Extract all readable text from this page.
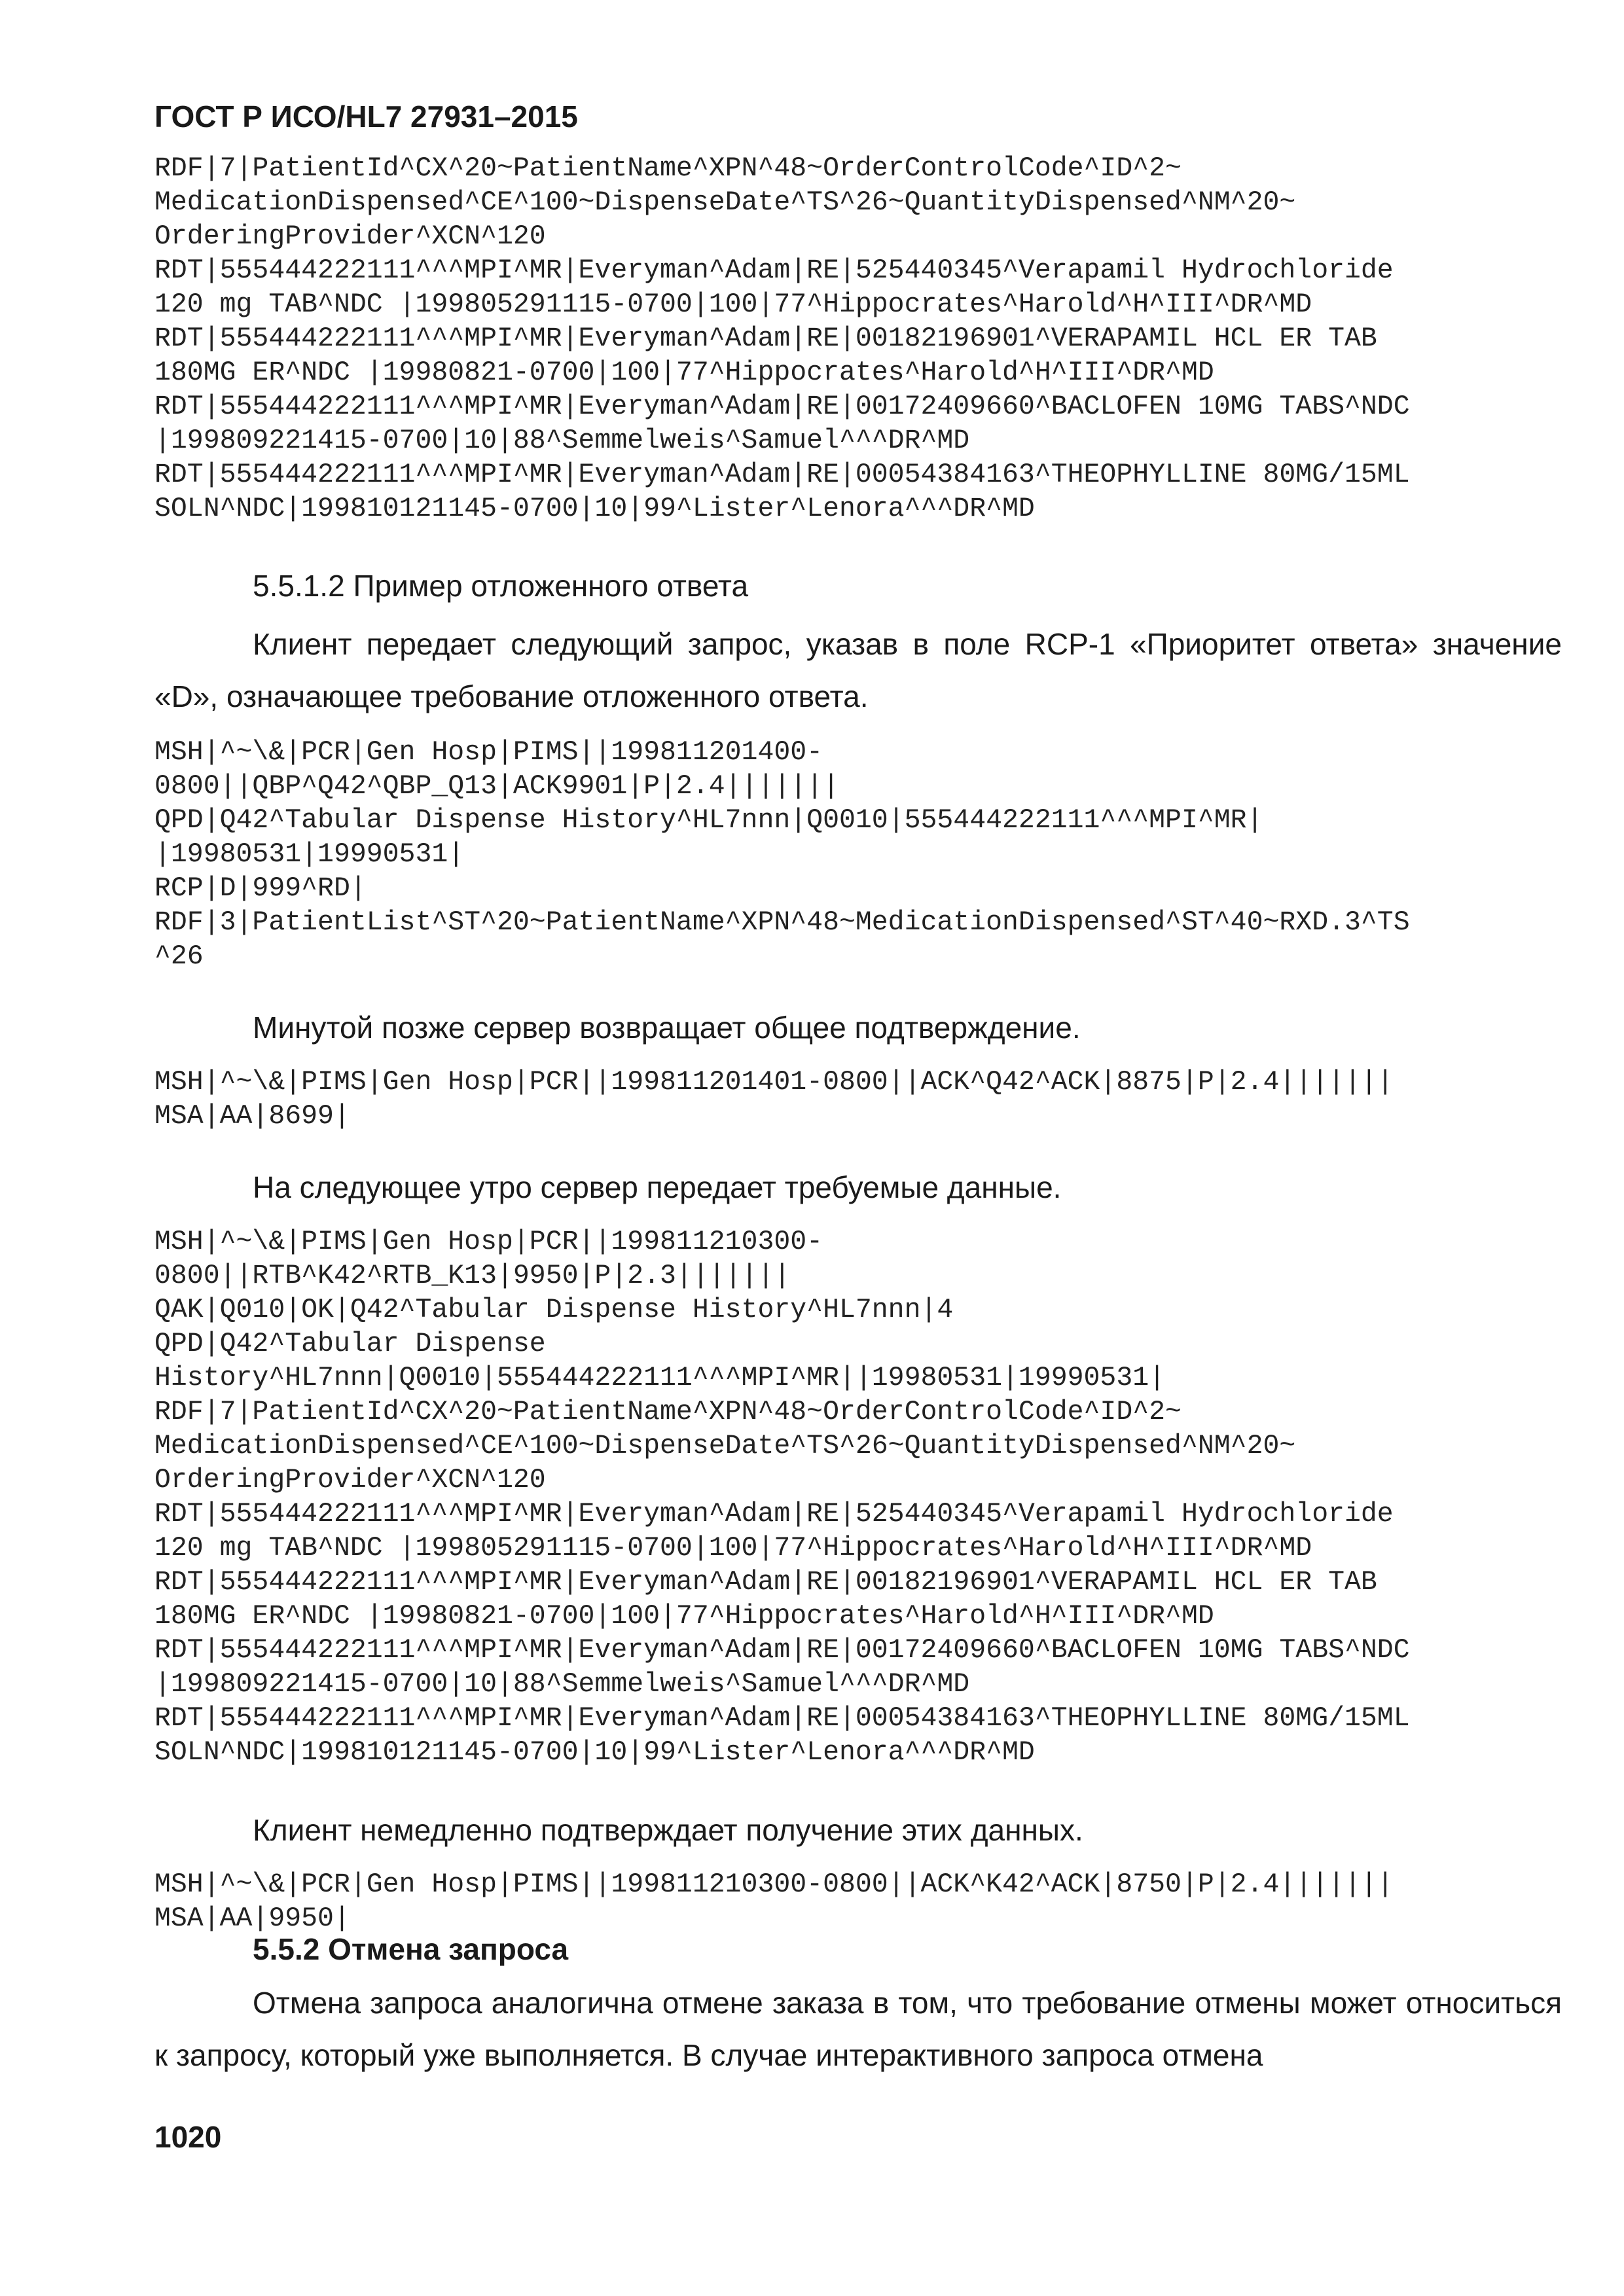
ГОСТ Р ИСО/HL7 27931–2015
RDF|7|PatientId^CX^20~PatientName^XPN^48~OrderControlCode^ID^2~
MedicationDispensed^CE^100~DispenseDate^TS^26~QuantityDispensed^NM^20~
OrderingProvider^XCN^120
RDT|555444222111^^^MPI^MR|Everyman^Adam|RE|525440345^Verapamil Hydrochloride
120 mg TAB^NDC |199805291115-0700|100|77^Hippocrates^Harold^H^III^DR^MD
RDT|555444222111^^^MPI^MR|Everyman^Adam|RE|00182196901^VERAPAMIL HCL ER TAB
180MG ER^NDC |19980821-0700|100|77^Hippocrates^Harold^H^III^DR^MD
RDT|555444222111^^^MPI^MR|Everyman^Adam|RE|00172409660^BACLOFEN 10MG TABS^NDC
|199809221415-0700|10|88^Semmelweis^Samuel^^^DR^MD
RDT|555444222111^^^MPI^MR|Everyman^Adam|RE|00054384163^THEOPHYLLINE 80MG/15ML
SOLN^NDC|199810121145-0700|10|99^Lister^Lenora^^^DR^MD
5.5.1.2 Пример отложенного ответа

Клиент передает следующий запрос, указав в поле RCP-1 «Приоритет ответа» значение «D», означающее требование отложенного ответа.

MSH|^~\&|PCR|Gen Hosp|PIMS||199811201400-
0800||QBP^Q42^QBP_Q13|ACK9901|P|2.4|||||||
QPD|Q42^Tabular Dispense History^HL7nnn|Q0010|555444222111^^^MPI^MR|
|19980531|19990531|
RCP|D|999^RD|
RDF|3|PatientList^ST^20~PatientName^XPN^48~MedicationDispensed^ST^40~RXD.3^TS
^26

Минутой позже сервер возвращает общее подтверждение.

MSH|^~\&|PIMS|Gen Hosp|PCR||199811201401-0800||ACK^Q42^ACK|8875|P|2.4|||||||
MSA|AA|8699|

На следующее утро сервер передает требуемые данные.

MSH|^~\&|PIMS|Gen Hosp|PCR||199811210300-
0800||RTB^K42^RTB_K13|9950|P|2.3|||||||
QAK|Q010|OK|Q42^Tabular Dispense History^HL7nnn|4
QPD|Q42^Tabular Dispense
History^HL7nnn|Q0010|555444222111^^^MPI^MR||19980531|19990531|
RDF|7|PatientId^CX^20~PatientName^XPN^48~OrderControlCode^ID^2~
MedicationDispensed^CE^100~DispenseDate^TS^26~QuantityDispensed^NM^20~
OrderingProvider^XCN^120
RDT|555444222111^^^MPI^MR|Everyman^Adam|RE|525440345^Verapamil Hydrochloride
120 mg TAB^NDC |199805291115-0700|100|77^Hippocrates^Harold^H^III^DR^MD
RDT|555444222111^^^MPI^MR|Everyman^Adam|RE|00182196901^VERAPAMIL HCL ER TAB
180MG ER^NDC |19980821-0700|100|77^Hippocrates^Harold^H^III^DR^MD
RDT|555444222111^^^MPI^MR|Everyman^Adam|RE|00172409660^BACLOFEN 10MG TABS^NDC
|199809221415-0700|10|88^Semmelweis^Samuel^^^DR^MD
RDT|555444222111^^^MPI^MR|Everyman^Adam|RE|00054384163^THEOPHYLLINE 80MG/15ML
SOLN^NDC|199810121145-0700|10|99^Lister^Lenora^^^DR^MD

Клиент немедленно подтверждает получение этих данных.

MSH|^~\&|PCR|Gen Hosp|PIMS||199811210300-0800||ACK^K42^ACK|8750|P|2.4|||||||
MSA|AA|9950|
5.5.2 Отмена запроса

Отмена запроса аналогична отмене заказа в том, что требование отмены может относиться к запросу, который уже выполняется. В случае интерактивного запроса отмена

1020
